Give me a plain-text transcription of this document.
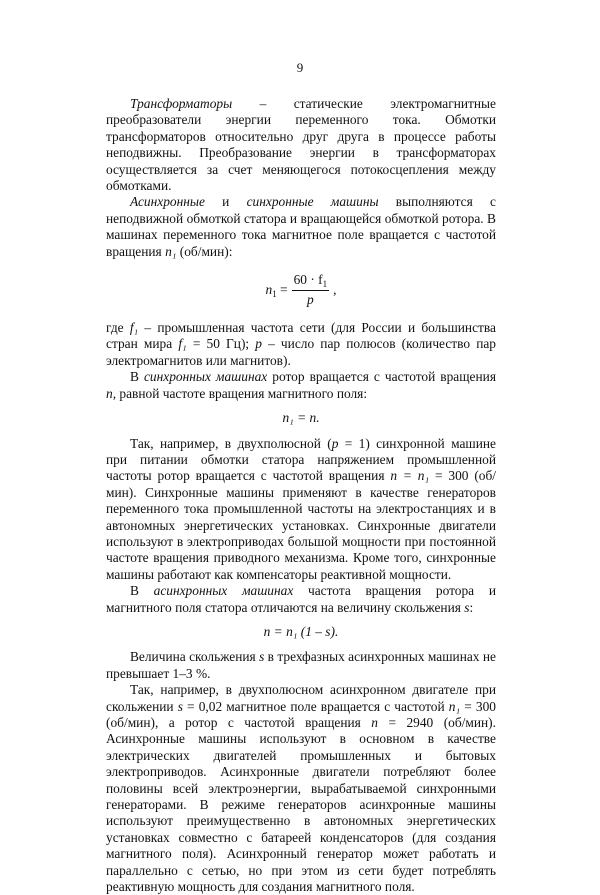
9

Трансформаторы – статические электромагнитные преобразователи энергии переменного тока. Обмотки трансформаторов относительно друг друга в процессе работы неподвижны. Преобразование энергии в трансформаторах осуществляется за счет меняющегося потокосцепления между обмотками.

Асинхронные и синхронные машины выполняются с неподвижной обмоткой статора и вращающейся обмоткой ротора. В машинах переменного тока магнитное поле вращается с частотой вращения n₁ (об/мин):

$n_1 = \frac{60 \cdot f_1}{p}$ ,

где f₁ – промышленная частота сети (для России и большинства стран мира f₁ = 50 Гц); p – число пар полюсов (количество пар электромагнитов или магнитов).

В синхронных машинах ротор вращается с частотой вращения n, равной частоте вращения магнитного поля:

n₁ = n.

Так, например, в двухполюсной (p = 1) синхронной машине при питании обмотки статора напряжением промышленной частоты ротор вращается с частотой вращения n = n₁ = 300 (об/мин). Синхронные машины применяют в качестве генераторов переменного тока промышленной частоты на электростанциях и в автономных энергетических установках. Синхронные двигатели используют в электроприводах большой мощности при постоянной частоте вращения приводного механизма. Кроме того, синхронные машины работают как компенсаторы реактивной мощности.

В асинхронных машинах частота вращения ротора и магнитного поля статора отличаются на величину скольжения s:

n = n₁ (1 – s).

Величина скольжения s в трехфазных асинхронных машинах не превышает 1–3 %.

Так, например, в двухполюсном асинхронном двигателе при скольжении s = 0,02 магнитное поле вращается с частотой n₁ = 300 (об/мин), а ротор с частотой вращения n = 2940 (об/мин). Асинхронные машины используют в основном в качестве электрических двигателей промышленных и бытовых электроприводов. Асинхронные двигатели потребляют более половины всей электроэнергии, вырабатываемой синхронными генераторами. В режиме генераторов асинхронные машины используют преимущественно в автономных энергетических установках совместно с батареей конденсаторов (для создания магнитного поля). Асинхронный генератор может работать и параллельно с сетью, но при этом из сети будет потреблять реактивную мощность для создания магнитного поля.
